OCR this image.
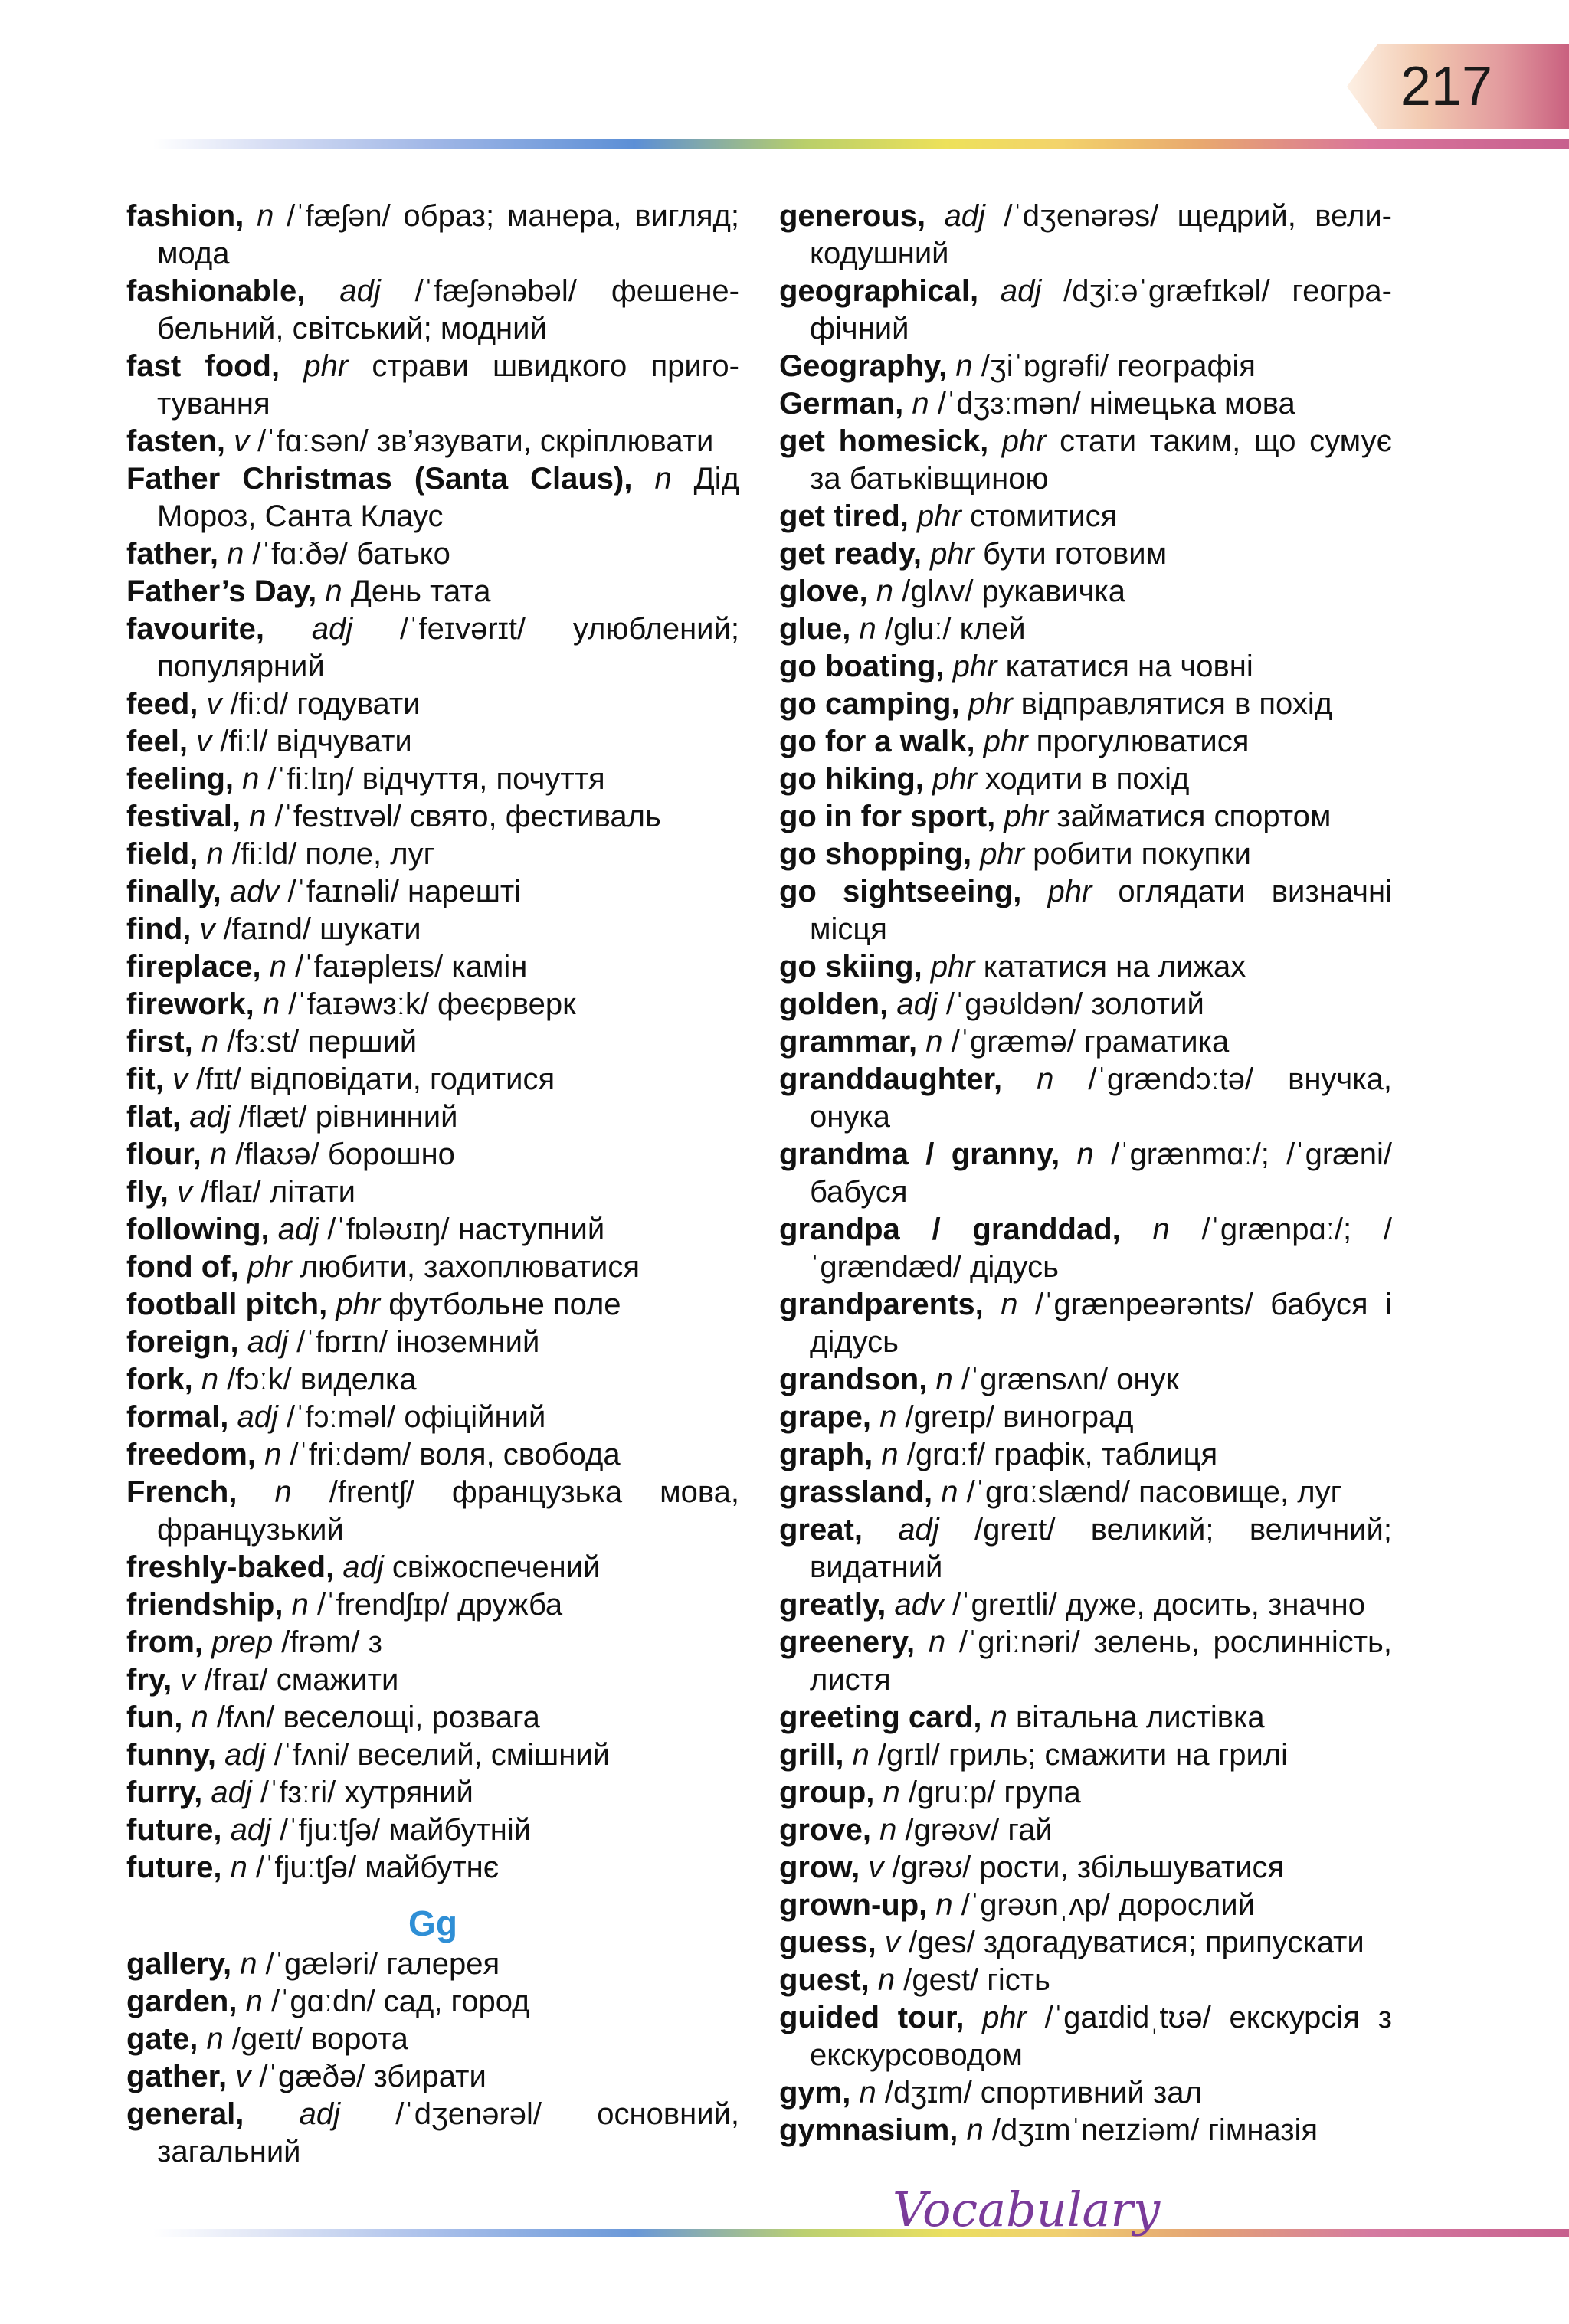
217
fashion, n /ˈfæʃən/ образ; манера, вигляд; мода
fashionable, adj /ˈfæʃənəbəl/ фешенебельний, світський; модний
fast food, phr страви швидкого приготування
fasten, v /ˈfɑːsən/ зв’язувати, скріплювати
Father Christmas (Santa Claus), n Дід Мороз, Санта Клаус
father, n /ˈfɑːðə/ батько
Father’s Day, n День тата
favourite, adj /ˈfeɪvərɪt/ улюблений; популярний
feed, v /fiːd/ годувати
feel, v /fiːl/ відчувати
feeling, n /ˈfiːlɪŋ/ відчуття, почуття
festival, n /ˈfestɪvəl/ свято, фестиваль
field, n /fiːld/ поле, луг
finally, adv /ˈfaɪnəli/ нарешті
find, v /faɪnd/ шукати
fireplace, n /ˈfaɪəpleɪs/ камін
firework, n /ˈfaɪəwɜːk/ феєрверк
first, n /fɜːst/ перший
fit, v /fɪt/ відповідати, годитися
flat, adj /flæt/ рівнинний
flour, n /flaʊə/ борошно
fly, v /flaɪ/ літати
following, adj /ˈfɒləʊɪŋ/ наступний
fond of, phr любити, захоплюватися
football pitch, phr футбольне поле
foreign, adj /ˈfɒrɪn/ іноземний
fork, n /fɔːk/ виделка
formal, adj /ˈfɔːməl/ офіційний
freedom, n /ˈfriːdəm/ воля, свобода
French, n /frentʃ/ французька мова, французький
freshly-baked, adj свіжоспечений
friendship, n /ˈfrendʃɪp/ дружба
from, prep /frəm/ з
fry, v /fraɪ/ смажити
fun, n /fʌn/ веселощі, розвага
funny, adj /ˈfʌni/ веселий, смішний
furry, adj /ˈfɜːri/ хутряний
future, adj /ˈfjuːtʃə/ майбутній
future, n /ˈfjuːtʃə/ майбутнє
Gg
gallery, n /ˈgæləri/ галерея
garden, n /ˈgɑːdn/ сад, город
gate, n /geɪt/ ворота
gather, v /ˈgæðə/ збирати
general, adj /ˈdʒenərəl/ основний, загальний
generous, adj /ˈdʒenərəs/ щедрий, великодушний
geographical, adj /dʒiːəˈgræfɪkəl/ географічний
Geography, n /ʒiˈɒgrəfi/ географія
German, n /ˈdʒɜːmən/ німецька мова
get homesick, phr стати таким, що сумує за батьківщиною
get tired, phr стомитися
get ready, phr бути готовим
glove, n /glʌv/ рукавичка
glue, n /gluː/ клей
go boating, phr кататися на човні
go camping, phr відправлятися в похід
go for a walk, phr прогулюватися
go hiking, phr ходити в похід
go in for sport, phr займатися спортом
go shopping, phr робити покупки
go sightseeing, phr оглядати визначні місця
go skiing, phr кататися на лижах
golden, adj /ˈgəʊldən/ золотий
grammar, n /ˈgræmə/ граматика
granddaughter, n /ˈgrændɔːtə/ внучка, онука
grandma / granny, n /ˈgrænmɑː/; /ˈgræni/ бабуся
grandpa / granddad, n /ˈgrænpɑː/; /ˈgrændæd/ дідусь
grandparents, n /ˈgrænpeərənts/ бабуся і дідусь
grandson, n /ˈgrænsʌn/ онук
grape, n /greɪp/ виноград
graph, n /grɑːf/ графік, таблиця
grassland, n /ˈgrɑːslænd/ пасовище, луг
great, adj /greɪt/ великий; величний; видатний
greatly, adv /ˈgreɪtli/ дуже, досить, значно
greenery, n /ˈgriːnəri/ зелень, рослинність, листя
greeting card, n вітальна листівка
grill, n /grɪl/ гриль; смажити на грилі
group, n /gruːp/ група
grove, n /grəʊv/ гай
grow, v /grəʊ/ рости, збільшуватися
grown-up, n /ˈgrəʊnˌʌp/ дорослий
guess, v /ges/ здогадуватися; припускати
guest, n /gest/ гість
guided tour, phr /ˈgaɪdidˌtʊə/ екскурсія з екскурсоводом
gym, n /dʒɪm/ спортивний зал
gymnasium, n /dʒɪmˈneɪziəm/ гімназія
Vocabulary
